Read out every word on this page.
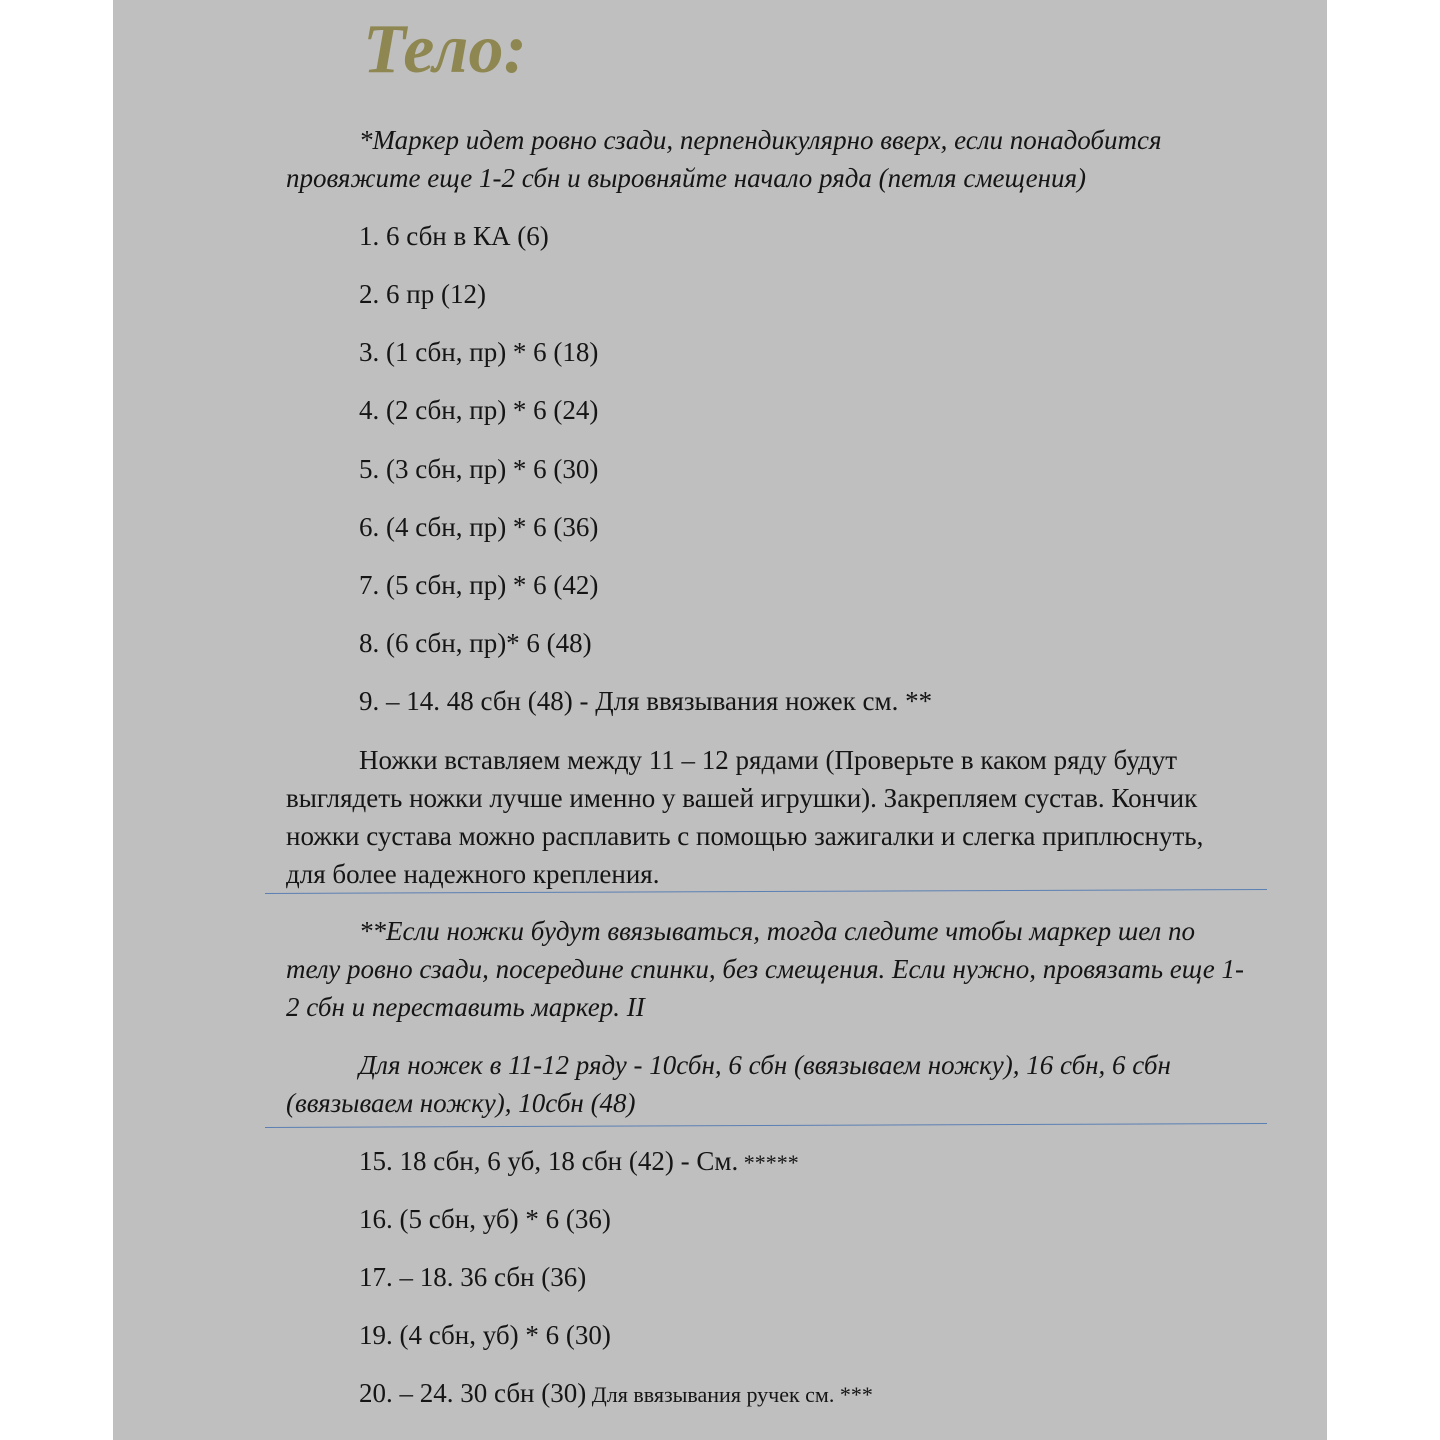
Тело:

*Маркер идет ровно сзади, перпендикулярно вверх, если понадобится провяжите еще 1-2 сбн и выровняйте начало ряда (петля смещения)

1. 6 сбн в КА (6)

2. 6 пр (12)

3. (1 сбн, пр) * 6 (18)

4. (2 сбн, пр) * 6 (24)

5. (3 сбн, пр) * 6 (30)

6. (4 сбн, пр) * 6 (36)

7. (5 сбн, пр) * 6 (42)

8. (6 сбн, пр)* 6 (48)

9. – 14. 48 сбн (48) - Для ввязывания ножек см. **

Ножки вставляем между 11 – 12 рядами (Проверьте в каком ряду будут выглядеть ножки лучше именно у вашей игрушки). Закрепляем сустав. Кончик ножки сустава можно расплавить с помощью зажигалки и слегка приплюснуть, для более надежного крепления.

**Если ножки будут ввязываться, тогда следите чтобы маркер шел по телу ровно сзади, посередине спинки, без смещения. Если нужно, провязать еще 1-2 сбн и переставить маркер. II

Для ножек в 11-12 ряду - 10сбн, 6 сбн (ввязываем ножку), 16 сбн, 6 сбн (ввязываем ножку), 10сбн (48)

15. 18 сбн, 6 уб, 18 сбн (42) - См. *****

16. (5 сбн, уб) * 6 (36)

17. – 18. 36 сбн (36)

19. (4 сбн, уб) * 6 (30)

20. – 24. 30 сбн (30) Для ввязывания ручек см. ***
